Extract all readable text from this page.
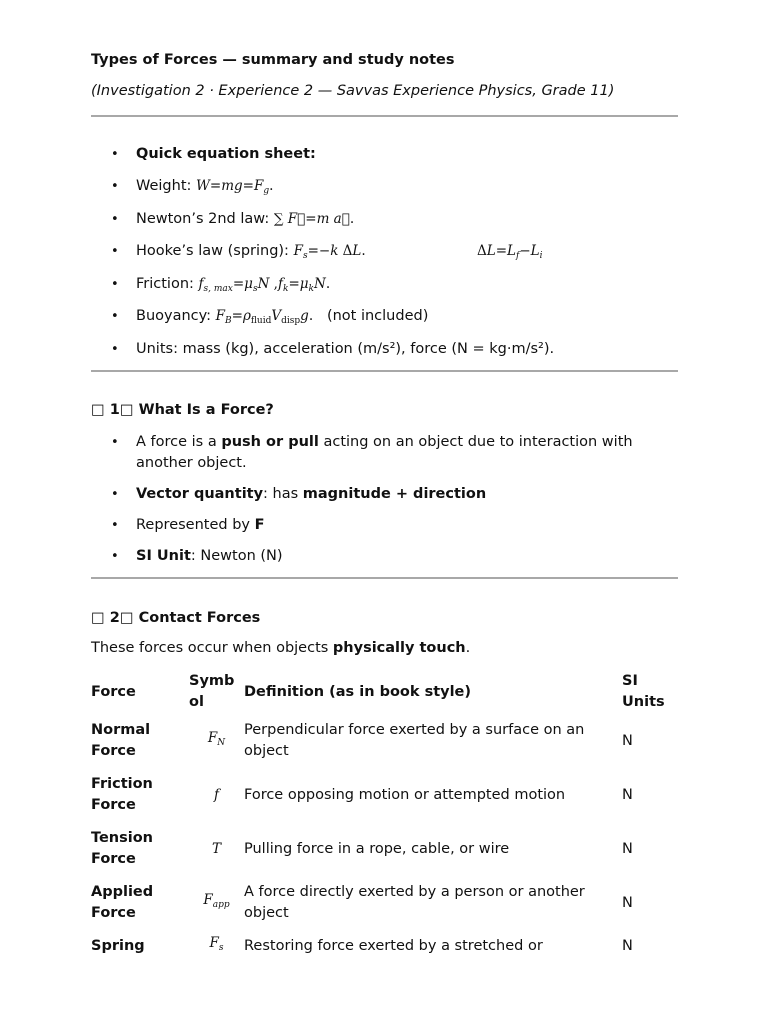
Types of Forces — summary and study notes
(Investigation 2 · Experience 2 — Savvas Experience Physics, Grade 11)
• Quick equation sheet:
• Weight: $W=mg=F_g$.
• Newton’s 2nd law: ∑ F⃗=m a⃗.
• Hooke’s law (spring): $F_s=-k$ ΔL.	$\Delta L=L_f-L_i$
• Friction: $f_{s, max}=\mu_sN$ $,f_k=\mu_kN$.
• Buoyancy: $F_B=\rho_{fluid}V_{disp}g$. (not included)
• Units: mass (kg), acceleration (m/s²), force (N = kg·m/s²).
□ 1□ What Is a Force?
• A force is a push or pull acting on an object due to interaction with another object.
• Vector quantity: has magnitude + direction
• Represented by F
• SI Unit: Newton (N)
□ 2□ Contact Forces
These forces occur when objects physically touch.
Force	Symb ol	Definition (as in book style)	SI Units
Normal Force	$F_N$	Perpendicular force exerted by a surface on an object	N
Friction Force	f	Force opposing motion or attempted motion	N
Tension Force	T	Pulling force in a rope, cable, or wire	N
Applied Force	$F_{app}$	A force directly exerted by a person or another object	N
Spring	$F_s$	Restoring force exerted by a stretched or	N
